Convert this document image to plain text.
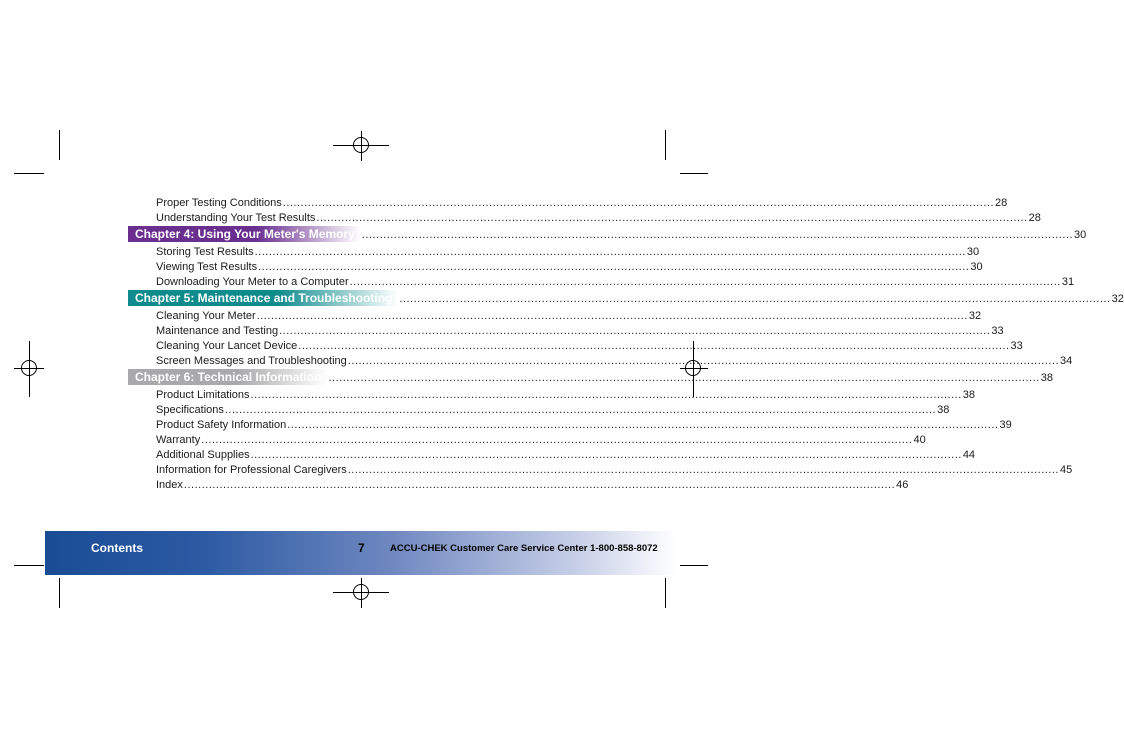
Proper Testing Conditions ........................................................................................................................................................................................................ 28
Understanding Your Test Results ........................................................................................................................................................................................................ 28
Chapter 4: Using Your Meter's Memory ........................................................................................................................................................................................................ 30
Storing Test Results ........................................................................................................................................................................................................ 30
Viewing Test Results ........................................................................................................................................................................................................ 30
Downloading Your Meter to a Computer ........................................................................................................................................................................................................ 31
Chapter 5: Maintenance and Troubleshooting ........................................................................................................................................................................................................ 32
Cleaning Your Meter ........................................................................................................................................................................................................ 32
Maintenance and Testing ........................................................................................................................................................................................................ 33
Cleaning Your Lancet Device ........................................................................................................................................................................................................ 33
Screen Messages and Troubleshooting ........................................................................................................................................................................................................ 34
Chapter 6: Technical Information ........................................................................................................................................................................................................ 38
Product Limitations ........................................................................................................................................................................................................ 38
Specifications ........................................................................................................................................................................................................ 38
Product Safety Information ........................................................................................................................................................................................................ 39
Warranty ........................................................................................................................................................................................................ 40
Additional Supplies ........................................................................................................................................................................................................ 44
Information for Professional Caregivers ........................................................................................................................................................................................................ 45
Index ........................................................................................................................................................................................................ 46
Contents	7	ACCU-CHEK Customer Care Service Center 1-800-858-8072
